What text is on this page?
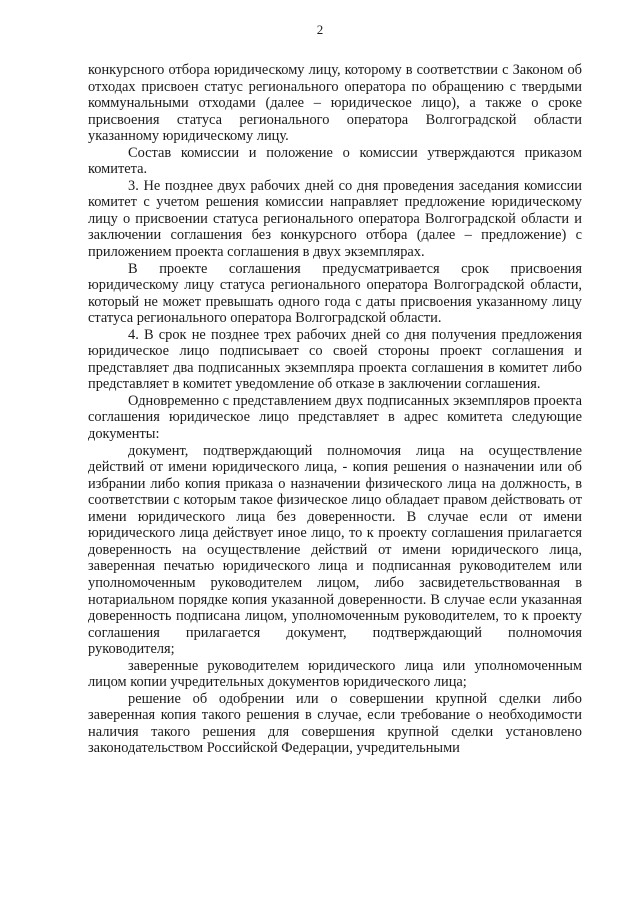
2

конкурсного отбора юридическому лицу, которому в соответствии с Законом об отходах присвоен статус регионального оператора по обращению с твердыми коммунальными отходами (далее – юридическое лицо), а также о сроке присвоения статуса регионального оператора Волгоградской области указанному юридическому лицу.

Состав комиссии и положение о комиссии утверждаются приказом комитета.

3. Не позднее двух рабочих дней со дня проведения заседания комиссии комитет с учетом решения комиссии направляет предложение юридическому лицу о присвоении статуса регионального оператора Волгоградской области и заключении соглашения без конкурсного отбора (далее – предложение) с приложением проекта соглашения в двух экземплярах.

В проекте соглашения предусматривается срок присвоения юридическому лицу статуса регионального оператора Волгоградской области, который не может превышать одного года с даты присвоения указанному лицу статуса регионального оператора Волгоградской области.

4. В срок не позднее трех рабочих дней со дня получения предложения юридическое лицо подписывает со своей стороны проект соглашения и представляет два подписанных экземпляра проекта соглашения в комитет либо представляет в комитет уведомление об отказе в заключении соглашения.

Одновременно с представлением двух подписанных экземпляров проекта соглашения юридическое лицо представляет в адрес комитета следующие документы:

документ, подтверждающий полномочия лица на осуществление действий от имени юридического лица, - копия решения о назначении или об избрании либо копия приказа о назначении физического лица на должность, в соответствии с которым такое физическое лицо обладает правом действовать от имени юридического лица без доверенности. В случае если от имени юридического лица действует иное лицо, то к проекту соглашения прилагается доверенность на осуществление действий от имени юридического лица, заверенная печатью юридического лица и подписанная руководителем или уполномоченным руководителем лицом, либо засвидетельствованная в нотариальном порядке копия указанной доверенности. В случае если указанная доверенность подписана лицом, уполномоченным руководителем, то к проекту соглашения прилагается документ, подтверждающий полномочия руководителя;

заверенные руководителем юридического лица или уполномоченным лицом копии учредительных документов юридического лица;

решение об одобрении или о совершении крупной сделки либо заверенная копия такого решения в случае, если требование о необходимости наличия такого решения для совершения крупной сделки установлено законодательством Российской Федерации, учредительными
